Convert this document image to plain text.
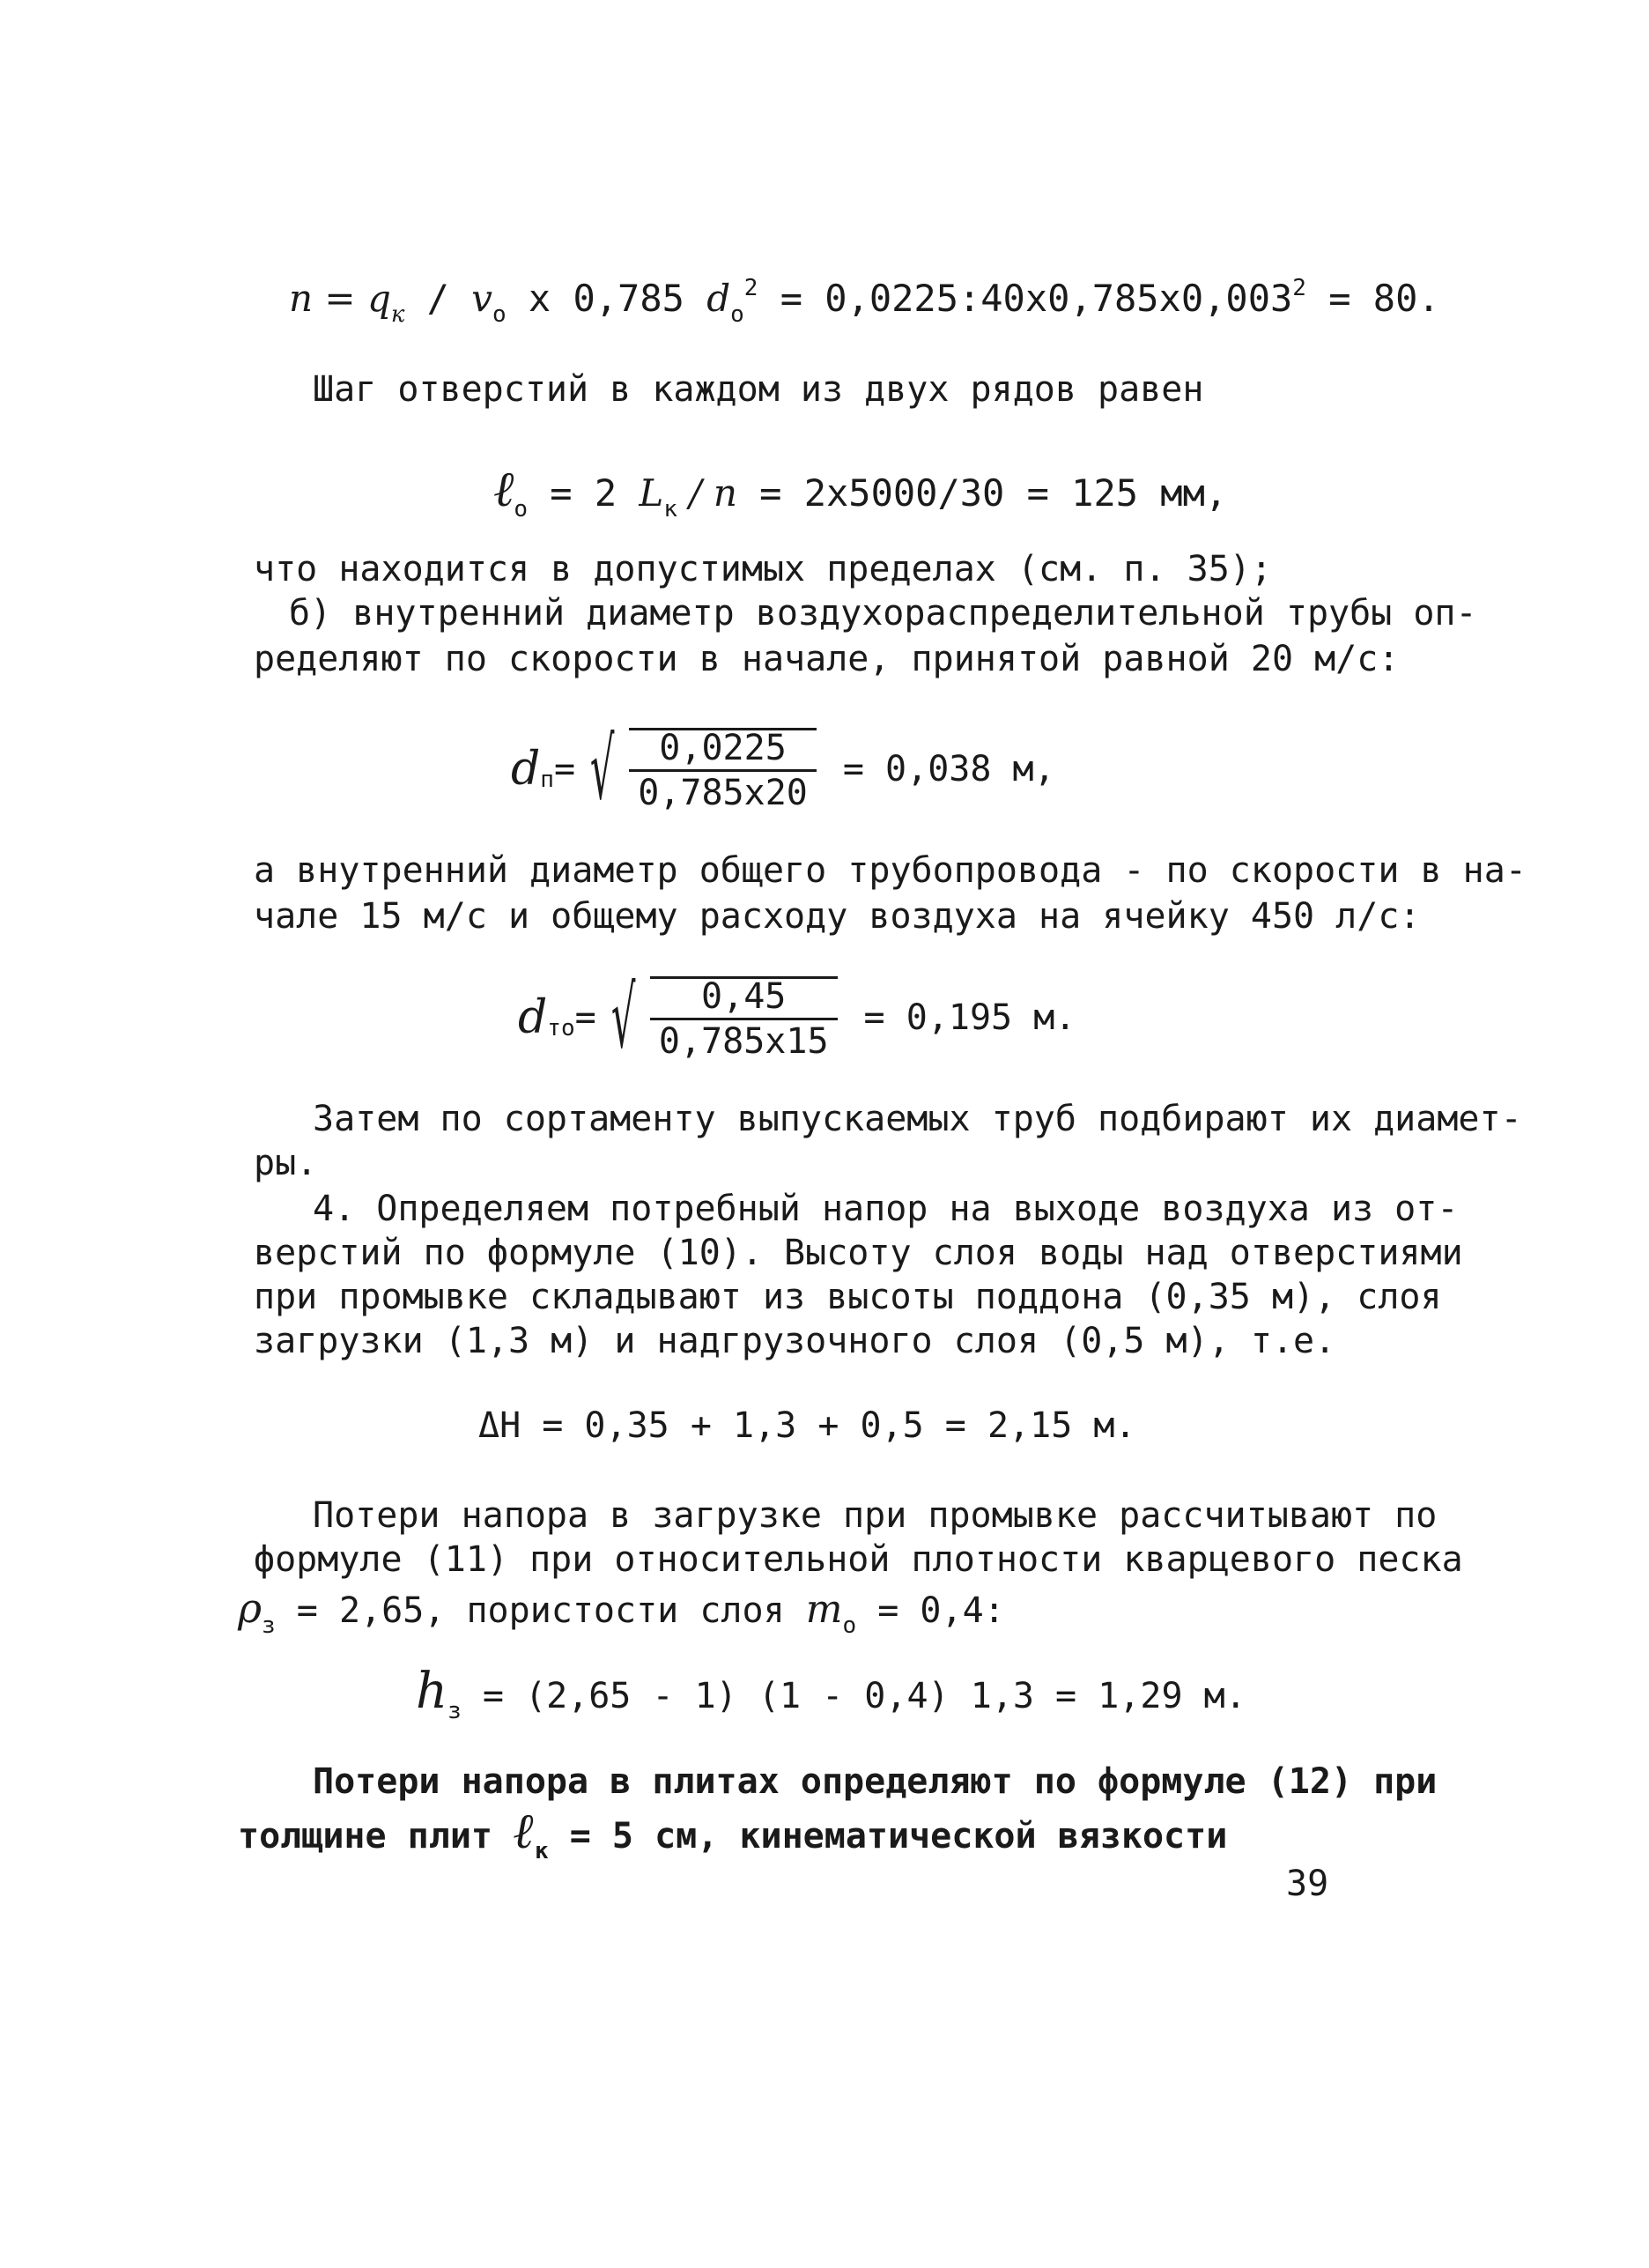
$n = q_к / v_о$ x 0,785 $d_о^2$ = $0,0225:40x0,785x0,003^2 = 80$.
Шаг отверстий в каждом из двух рядов равен
ℓ$_о$ = 2 $L_к / n = 2x5000/30 = 125$ мм,
что находится в допустимых пределах (см. п. 35);
б) внутренний диаметр воздухораспределительной трубы оп-
ределяют по скорости в начале, принятой равной 20 м/с:
d п = √ $\frac{0,0225}{0,785x20} = 0,038$ м,
а внутренний диаметр общего трубопровода - по скорости в на-
чале 15 м/с и общему расходу воздуха на ячейку 450 л/с:
d то = √ $\frac{0,45}{0,785x15} = 0,195$ м.
Затем по сортаменту выпускаемых труб подбирают их диамет-
ры.
4. Определяем потребный напор на выходе воздуха из от-
верстий по формуле (10). Высоту слоя воды над отверстиями
при промывке складывают из высоты поддона (0,35 м), слоя
загрузки (1,3 м) и надгрузочного слоя (0,5 м), т.е.
ΔH = 0,35 + 1,3 + 0,5 = 2,15 м.
Потери напора в загрузке при промывке рассчитывают по
формуле (11) при относительной плотности кварцевого песка
$\rho_з = 2,65$, пористости слоя $m_о = 0,4$:
$h_з = (2,65 - 1)$ (1 - 0,4) 1,3 = 1,29 м.
Потери напора в плитах определяют по формуле (12) при
толщине плит ℓ$_к$ = 5 см, кинематической вязкости
39
